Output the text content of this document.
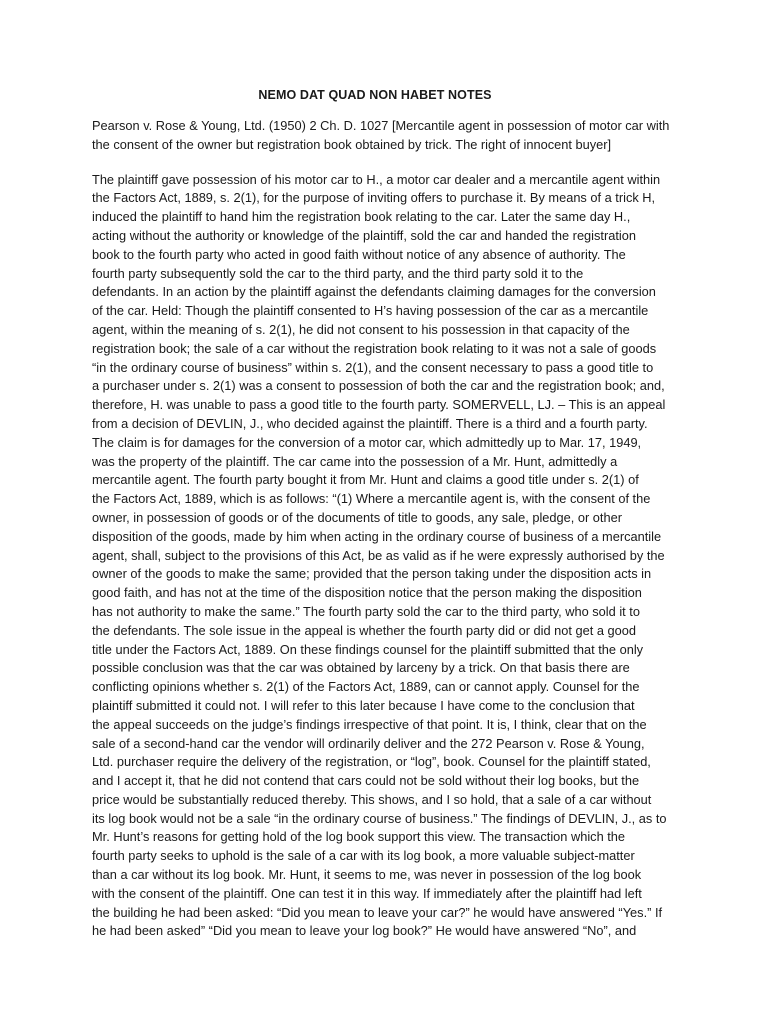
NEMO DAT QUAD NON HABET NOTES
Pearson v. Rose & Young, Ltd. (1950) 2 Ch. D. 1027 [Mercantile agent in possession of motor car with
the consent of the owner but registration book obtained by trick. The right of innocent buyer]
The plaintiff gave possession of his motor car to H., a motor car dealer and a mercantile agent within
the Factors Act, 1889, s. 2(1), for the purpose of inviting offers to purchase it. By means of a trick H,
induced the plaintiff to hand him the registration book relating to the car. Later the same day H.,
acting without the authority or knowledge of the plaintiff, sold the car and handed the registration
book to the fourth party who acted in good faith without notice of any absence of authority. The
fourth party subsequently sold the car to the third party, and the third party sold it to the
defendants. In an action by the plaintiff against the defendants claiming damages for the conversion
of the car. Held: Though the plaintiff consented to H’s having possession of the car as a mercantile
agent, within the meaning of s. 2(1), he did not consent to his possession in that capacity of the
registration book; the sale of a car without the registration book relating to it was not a sale of goods
“in the ordinary course of business” within s. 2(1), and the consent necessary to pass a good title to
a purchaser under s. 2(1) was a consent to possession of both the car and the registration book; and,
therefore, H. was unable to pass a good title to the fourth party. SOMERVELL, LJ. – This is an appeal
from a decision of DEVLIN, J., who decided against the plaintiff. There is a third and a fourth party.
The claim is for damages for the conversion of a motor car, which admittedly up to Mar. 17, 1949,
was the property of the plaintiff. The car came into the possession of a Mr. Hunt, admittedly a
mercantile agent. The fourth party bought it from Mr. Hunt and claims a good title under s. 2(1) of
the Factors Act, 1889, which is as follows: “(1) Where a mercantile agent is, with the consent of the
owner, in possession of goods or of the documents of title to goods, any sale, pledge, or other
disposition of the goods, made by him when acting in the ordinary course of business of a mercantile
agent, shall, subject to the provisions of this Act, be as valid as if he were expressly authorised by the
owner of the goods to make the same; provided that the person taking under the disposition acts in
good faith, and has not at the time of the disposition notice that the person making the disposition
has not authority to make the same.” The fourth party sold the car to the third party, who sold it to
the defendants. The sole issue in the appeal is whether the fourth party did or did not get a good
title under the Factors Act, 1889. On these findings counsel for the plaintiff submitted that the only
possible conclusion was that the car was obtained by larceny by a trick. On that basis there are
conflicting opinions whether s. 2(1) of the Factors Act, 1889, can or cannot apply. Counsel for the
plaintiff submitted it could not. I will refer to this later because I have come to the conclusion that
the appeal succeeds on the judge’s findings irrespective of that point. It is, I think, clear that on the
sale of a second-hand car the vendor will ordinarily deliver and the 272 Pearson v. Rose & Young,
Ltd. purchaser require the delivery of the registration, or “log”, book. Counsel for the plaintiff stated,
and I accept it, that he did not contend that cars could not be sold without their log books, but the
price would be substantially reduced thereby. This shows, and I so hold, that a sale of a car without
its log book would not be a sale “in the ordinary course of business.” The findings of DEVLIN, J., as to
Mr. Hunt’s reasons for getting hold of the log book support this view. The transaction which the
fourth party seeks to uphold is the sale of a car with its log book, a more valuable subject-matter
than a car without its log book. Mr. Hunt, it seems to me, was never in possession of the log book
with the consent of the plaintiff. One can test it in this way. If immediately after the plaintiff had left
the building he had been asked: “Did you mean to leave your car?” he would have answered “Yes.” If
he had been asked” “Did you mean to leave your log book?” He would have answered “No”, and
